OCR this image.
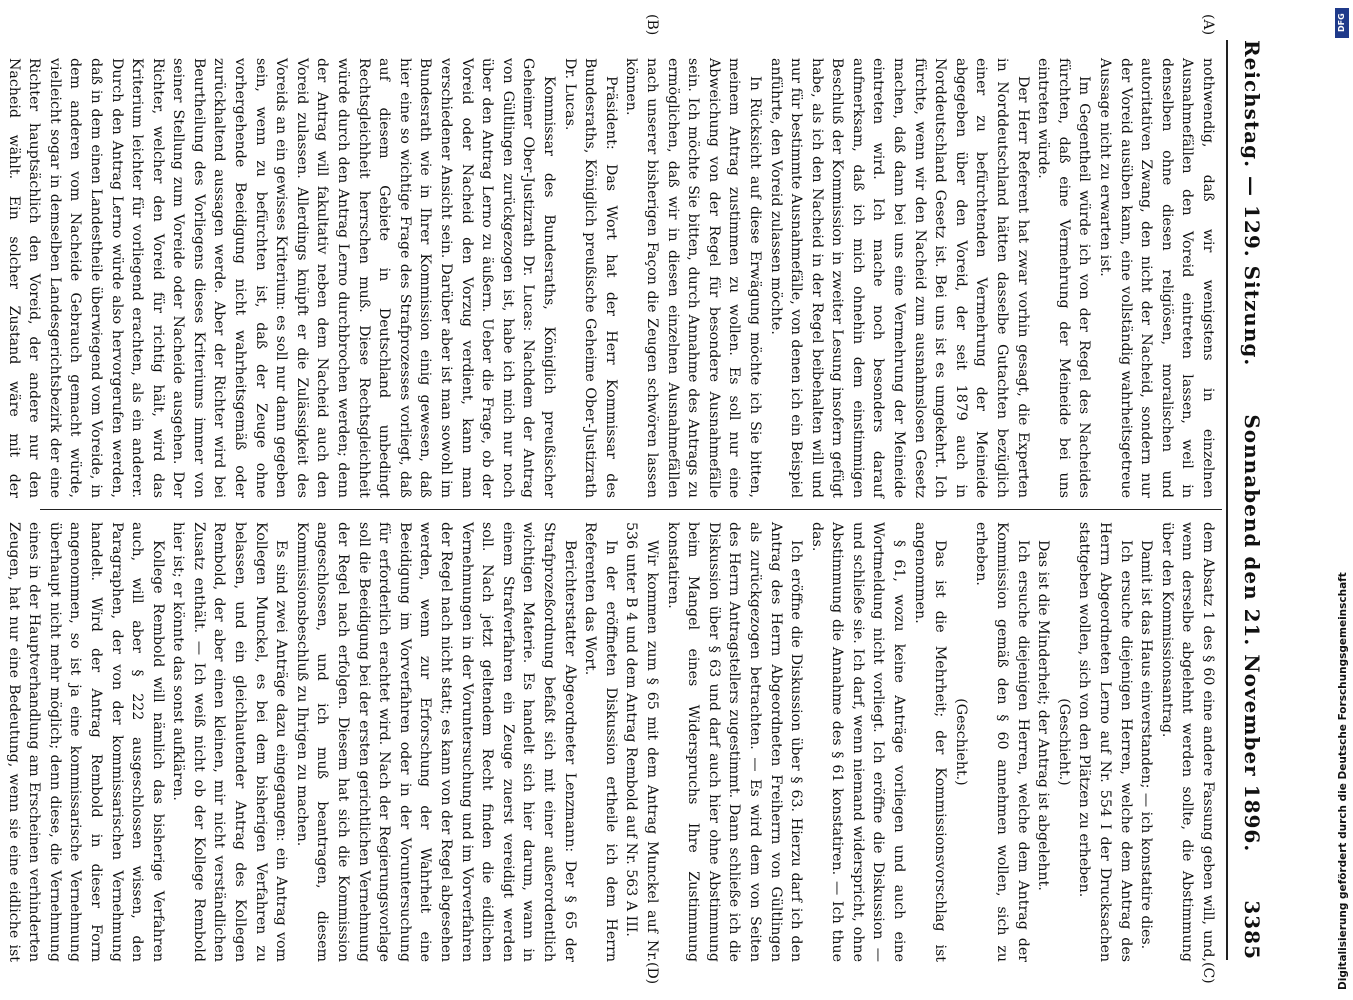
Reichstag. — 129. Sitzung.
Sonnabend den 21. November 1896.
3385
(A)
(B)
(C)
(D)

nothwendig, daß wir wenigstens in einzelnen Ausnahmefällen den Voreid eintreten lassen, weil in denselben ohne diesen religiösen, moralischen und autoritativen Zwang, den nicht der Nacheid, sondern nur der Voreid ausüben kann, eine vollständig wahrheitsgetreue Aussage nicht zu erwarten ist.

Im Gegentheil würde ich von der Regel des Nacheides fürchten, daß eine Vermehrung der Meineide bei uns eintreten würde.

Der Herr Referent hat zwar vorhin gesagt, die Experten in Norddeutschland hätten dasselbe Gutachten bezüglich einer zu befürchtenden Vermehrung der Meineide abgegeben über den Voreid, der seit 1879 auch in Norddeutschland Gesetz ist. Bei uns ist es umgekehrt. Ich fürchte, wenn wir den Nacheid zum ausnahmslosen Gesetz machen, daß dann bei uns eine Vermehrung der Meineide eintreten wird. Ich mache noch besonders darauf aufmerksam, daß ich mich ohnehin dem einstimmigen Beschluß der Kommission in zweiter Lesung insofern gefügt habe, als ich den Nacheid in der Regel beibehalten will und nur für bestimmte Ausnahmefälle, von denen ich ein Beispiel anführte, den Voreid zulassen möchte.

In Rücksicht auf diese Erwägung möchte ich Sie bitten, meinem Antrag zustimmen zu wollen. Es soll nur eine Abweichung von der Regel für besondere Ausnahmefälle sein. Ich möchte Sie bitten, durch Annahme des Antrags zu ermöglichen, daß wir in diesen einzelnen Ausnahmefällen nach unserer bisherigen Façon die Zeugen schwören lassen können.

Präsident: Das Wort hat der Herr Kommissar des Bundesraths, Königlich preußische Geheime Ober-Justizrath Dr. Lucas.

Kommissar des Bundesraths, Königlich preußischer Geheimer Ober-Justizrath Dr. Lucas: Nachdem der Antrag von Gültlingen zurückgezogen ist, habe ich mich nur noch über den Antrag Lerno zu äußern. Ueber die Frage, ob der Voreid oder Nacheid den Vorzug verdient, kann man verschiedener Ansicht sein. Darüber aber ist man sowohl im Bundesrath wie in Ihrer Kommission einig gewesen, daß hier eine so wichtige Frage des Strafprozesses vorliegt, daß auf diesem Gebiete in Deutschland unbedingt Rechtsgleichheit herrschen muß. Diese Rechtsgleichheit würde durch den Antrag Lerno durchbrochen werden; denn der Antrag will fakultativ neben dem Nacheid auch den Voreid zulassen. Allerdings knüpft er die Zulässigkeit des Voreids an ein gewisses Kriterium: es soll nur dann gegeben sein, wenn zu befürchten ist, daß der Zeuge ohne vorhergehende Beeidigung nicht wahrheitsgemäß oder zurückhaltend aussagen werde. Aber der Richter wird bei Beurtheilung des Vorliegens dieses Kriteriums immer von seiner Stellung zum Voreide oder Nacheide ausgehen. Der Richter, welcher den Voreid für richtig hält, wird das Kriterium leichter für vorliegend erachten, als ein anderer. Durch den Antrag Lerno würde also hervorgerufen werden, daß in dem einen Landestheile überwiegend vom Voreide, in dem anderen vom Nacheide Gebrauch gemacht würde, vielleicht sogar in demselben Landesgerichtsbezirk der eine Richter hauptsächlich den Voreid, der andere nur den Nacheid wählt. Ein solcher Zustand wäre mit der

dem Absatz 1 des § 60 eine andere Fassung geben will, und, wenn derselbe abgelehnt werden sollte, die Abstimmung über den Kommissionsantrag.

Damit ist das Haus einverstanden; — ich konstatire dies.

Ich ersuche diejenigen Herren, welche dem Antrag des Herrn Abgeordneten Lerno auf Nr. 554 I der Drucksachen stattgeben wollen, sich von den Plätzen zu erheben.

(Geschieht.)

Das ist die Minderheit; der Antrag ist abgelehnt.

Ich ersuche diejenigen Herren, welche dem Antrag der Kommission gemäß den § 60 annehmen wollen, sich zu erheben.

(Geschieht.)

Das ist die Mehrheit; der Kommissionsvorschlag ist angenommen.

§ 61, wozu keine Anträge vorliegen und auch eine Wortmeldung nicht vorliegt. Ich eröffne die Diskussion — und schließe sie. Ich darf, wenn niemand widerspricht, ohne Abstimmung die Annahme des § 61 konstatiren. — Ich thue das.

Ich eröffne die Diskussion über § 63. Hierzu darf ich den Antrag des Herrn Abgeordneten Freiherrn von Gültlingen als zurückgezogen betrachten. — Es wird dem von Seiten des Herrn Antragstellers zugestimmt. Dann schließe ich die Diskussion über § 63 und darf auch hier ohne Abstimmung beim Mangel eines Widerspruchs Ihre Zustimmung konstatiren.

Wir kommen zum § 65 mit dem Antrag Munckel auf Nr. 536 unter B 4 und dem Antrag Rembold auf Nr. 563 A III.

In der eröffneten Diskussion ertheile ich dem Herrn Referenten das Wort.

Berichterstatter Abgeordneter Lenzmann: Der § 65 der Strafprozeßordnung befaßt sich mit einer außerordentlich wichtigen Materie. Es handelt sich hier darum, wann in einem Strafverfahren ein Zeuge zuerst vereidigt werden soll. Nach jetzt geltendem Recht finden die eidlichen Vernehmungen in der Voruntersuchung und im Vorverfahren der Regel nach nicht statt; es kann von der Regel abgesehen werden, wenn zur Erforschung der Wahrheit eine Beeidigung im Vorverfahren oder in der Voruntersuchung für erforderlich erachtet wird. Nach der Regierungsvorlage soll die Beeidigung bei der ersten gerichtlichen Vernehmung der Regel nach erfolgen. Diesem hat sich die Kommission angeschlossen, und ich muß beantragen, diesem Kommissionsbeschluß zu Ihrigen zu machen.

Es sind zwei Anträge dazu eingegangen: ein Antrag vom Kollegen Munckel, es bei dem bisherigen Verfahren zu belassen, und ein gleichlautender Antrag des Kollegen Rembold, der aber einen kleinen, mir nicht verständlichen Zusatz enthält. — Ich weiß nicht ob der Kollege Rembold hier ist; er könnte das sonst aufklären.

Kollege Rembold will nämlich das bisherige Verfahren auch, will aber § 222 ausgeschlossen wissen, den Paragraphen, der von der kommissarischen Vernehmung handelt. Wird der Antrag Rembold in dieser Form angenommen, so ist ja eine kommissarische Vernehmung überhaupt nicht mehr möglich; denn diese, die Vernehmung eines in der Hauptverhandlung am Erscheinen verhinderten Zeugen, hat nur eine Bedeutung, wenn sie eine eidliche ist

DFG
Digitalisierung gefördert durch die Deutsche Forschungsgemeinschaft
